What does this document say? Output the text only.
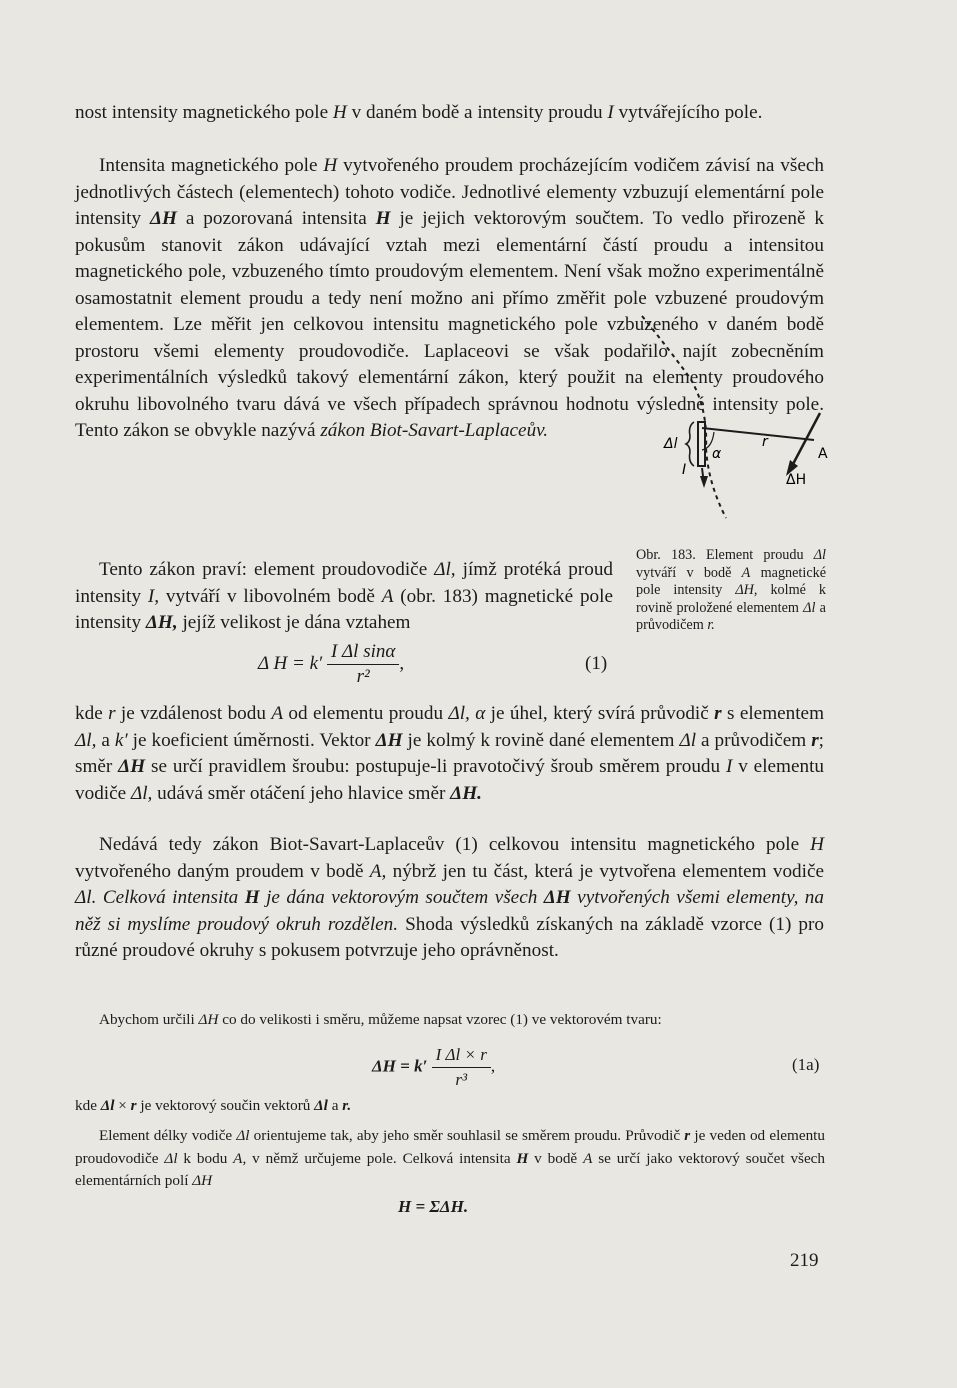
nost intensity magnetického pole H v daném bodě a intensity proudu I vytvářejícího pole.

Intensita magnetického pole H vytvořeného proudem procházejícím vodičem závisí na všech jednotlivých částech (elementech) tohoto vodiče. Jednotlivé elementy vzbuzují elementární pole intensity ΔH a pozorovaná intensita H je jejich vektorovým součtem. To vedlo přirozeně k pokusům stanovit zákon udávající vztah mezi elementární částí proudu a intensitou magnetického pole, vzbuzeného tímto proudovým elementem. Není však možno experimentálně osamostatnit element proudu a tedy není možno ani přímo změřit pole vzbuzené proudovým elementem. Lze měřit jen celkovou intensitu magnetického pole vzbuzeného v daném bodě prostoru všemi elementy proudovodiče. Laplaceovi se však podařilo najít zobecněním experimentálních výsledků takový elementární zákon, který použit na elementy proudového okruhu libovolného tvaru dává ve všech případech správnou hodnotu výsledné intensity pole. Tento zákon se obvykle nazývá zákon Biot-Savart-Laplaceův.

Tento zákon praví: element proudovodiče Δl, jímž protéká proud intensity I, vytváří v libovolném bodě A (obr. 183) magnetické pole intensity ΔH, jejíž velikost je dána vztahem

Δ $H = k' \frac{\text{I Δl sinα}}{\text{r²}}$ ,	(1)

kde r je vzdálenost bodu A od elementu proudu Δl, α je úhel, který svírá průvodič r s elementem Δl, a k′ je koeficient úměrnosti. Vektor ΔH je kolmý k rovině dané elementem Δl a průvodičem r; směr ΔH se určí pravidlem šroubu: postupuje-li pravotočivý šroub směrem proudu I v elementu vodiče Δl, udává směr otáčení jeho hlavice směr ΔH.

Nedává tedy zákon Biot-Savart-Laplaceův (1) celkovou intensitu magnetického pole H vytvořeného daným proudem v bodě A, nýbrž jen tu část, která je vytvořena elementem vodiče Δl. Celková intensita H je dána vektorovým součtem všech ΔH vytvořených všemi elementy, na něž si myslíme proudový okruh rozdělen. Shoda výsledků získaných na základě vzorce (1) pro různé proudové okruhy s pokusem potvrzuje jeho oprávněnost.

Abychom určili ΔH co do velikosti i směru, můžeme napsat vzorec (1) ve vektorovém tvaru:

$\Delta H = k' \frac{\text{I Δl × r}}{\text{r³}}$ ,	(1a)

kde Δl × r je vektorový součin vektorů Δl a r.

Element délky vodiče Δl orientujeme tak, aby jeho směr souhlasil se směrem proudu. Průvodič r je veden od elementu proudovodiče Δl k bodu A, v němž určujeme pole. Celková intensita H v bodě A se určí jako vektorový součet všech elementárních polí ΔH

H = ΣΔH.
Δl
α
r
A
I
ΔH
Obr. 183. Element proudu Δl vytváří v bodě A magnetické pole intensity ΔH, kolmé k rovině proložené elementem Δl a průvodičem r.
219
